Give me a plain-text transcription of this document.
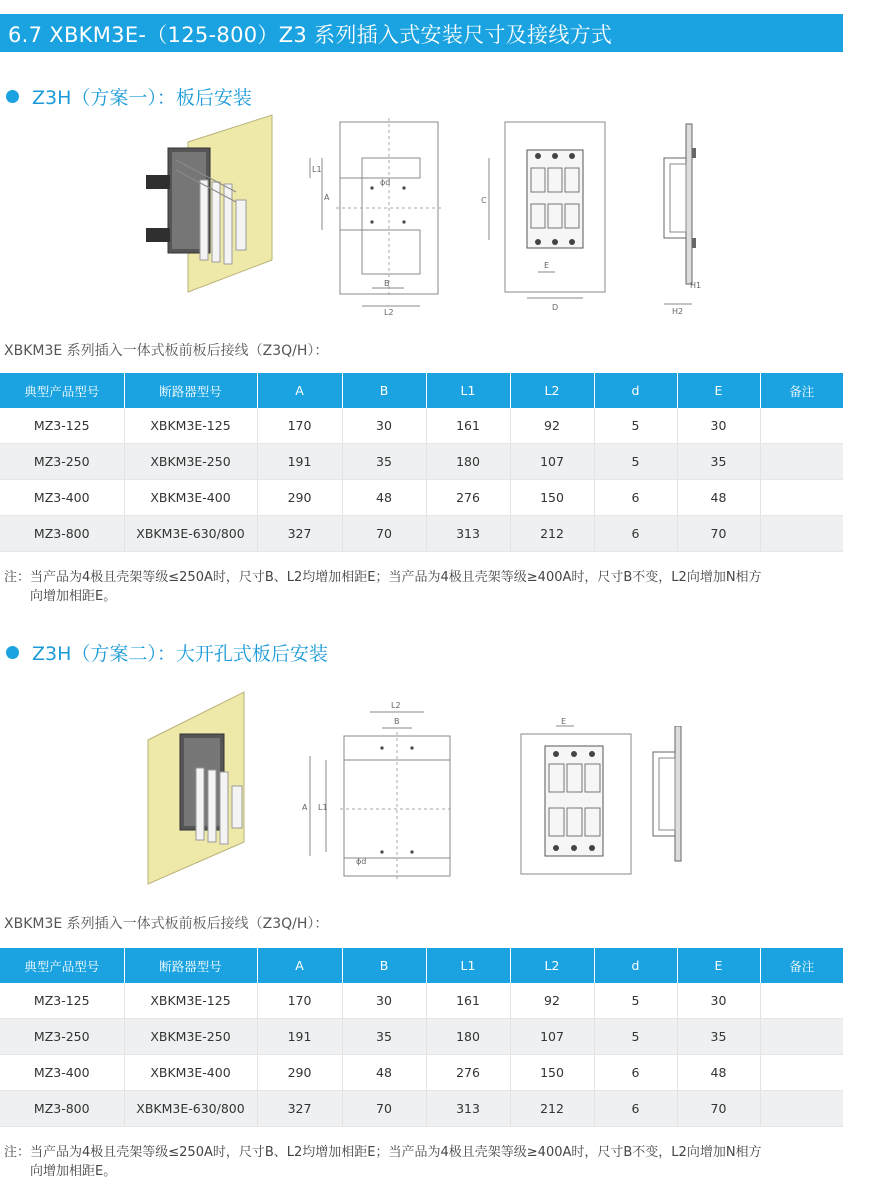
6.7 XBKM3E-（125-800）Z3 系列插入式安装尺寸及接线方式
Z3H（方案一）：板后安装
L1
A
ϕd
B
L2
C
E
D
H1
H2
XBKM3E 系列插入一体式板前板后接线（Z3Q/H）：
典型产品型号	断路器型号	A	B	L1	L2	d	E	备注
MZ3-125	XBKM3E-125	170	30	161	92	5	30	
MZ3-250	XBKM3E-250	191	35	180	107	5	35	
MZ3-400	XBKM3E-400	290	48	276	150	6	48	
MZ3-800	XBKM3E-630/800	327	70	313	212	6	70	
注：当产品为4极且壳架等级≤250A时，尺寸B、L2均增加相距E；当产品为4极且壳架等级≥400A时，尺寸B不变，L2向增加N相方
向增加相距E。
Z3H（方案二）：大开孔式板后安装
L2
B
A L1
ϕd
E
XBKM3E 系列插入一体式板前板后接线（Z3Q/H）：
典型产品型号	断路器型号	A	B	L1	L2	d	E	备注
MZ3-125	XBKM3E-125	170	30	161	92	5	30	
MZ3-250	XBKM3E-250	191	35	180	107	5	35	
MZ3-400	XBKM3E-400	290	48	276	150	6	48	
MZ3-800	XBKM3E-630/800	327	70	313	212	6	70	
注：当产品为4极且壳架等级≤250A时，尺寸B、L2均增加相距E；当产品为4极且壳架等级≥400A时，尺寸B不变，L2向增加N相方
向增加相距E。
